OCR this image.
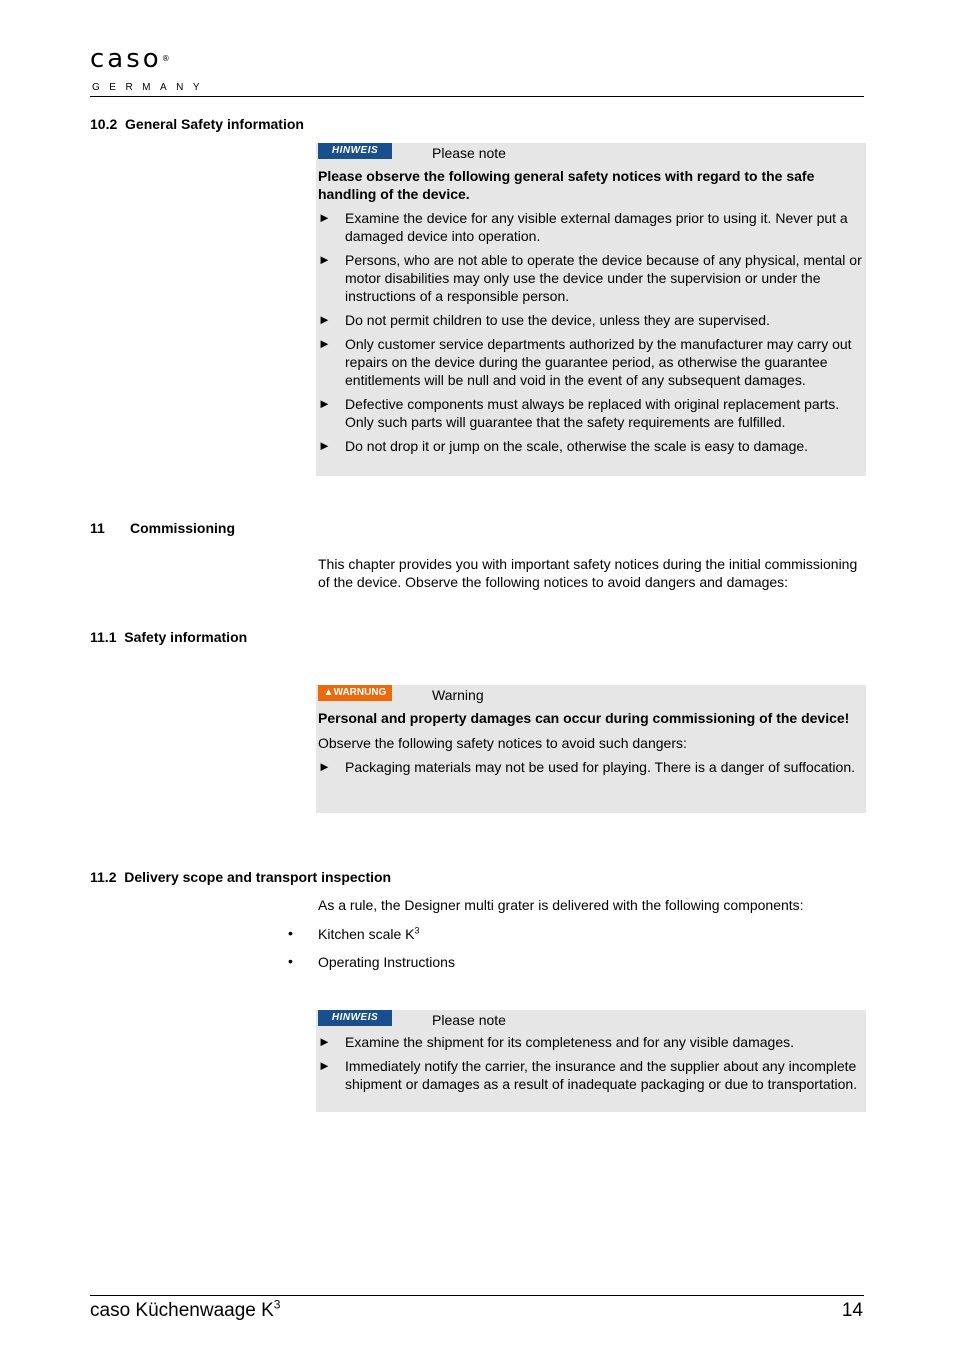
caso®
GERMANY
10.2 General Safety information
HINWEIS	Please note
Please observe the following general safety notices with regard to the safe handling of the device.
► Examine the device for any visible external damages prior to using it. Never put a damaged device into operation.
► Persons, who are not able to operate the device because of any physical, mental or motor disabilities may only use the device under the supervision or under the instructions of a responsible person.
► Do not permit children to use the device, unless they are supervised.
► Only customer service departments authorized by the manufacturer may carry out repairs on the device during the guarantee period, as otherwise the guarantee entitlements will be null and void in the event of any subsequent damages.
► Defective components must always be replaced with original replacement parts. Only such parts will guarantee that the safety requirements are fulfilled.
► Do not drop it or jump on the scale, otherwise the scale is easy to damage.
11 Commissioning
This chapter provides you with important safety notices during the initial commissioning of the device. Observe the following notices to avoid dangers and damages:
11.1 Safety information
▲WARNUNG	Warning
Personal and property damages can occur during commissioning of the device!
Observe the following safety notices to avoid such dangers:
► Packaging materials may not be used for playing. There is a danger of suffocation.
11.2 Delivery scope and transport inspection
As a rule, the Designer multi grater is delivered with the following components:
• Kitchen scale $K^3$
• Operating Instructions
HINWEIS	Please note
► Examine the shipment for its completeness and for any visible damages.
► Immediately notify the carrier, the insurance and the supplier about any incomplete shipment or damages as a result of inadequate packaging or due to transportation.
caso Küchenwaage $K^3$	14
